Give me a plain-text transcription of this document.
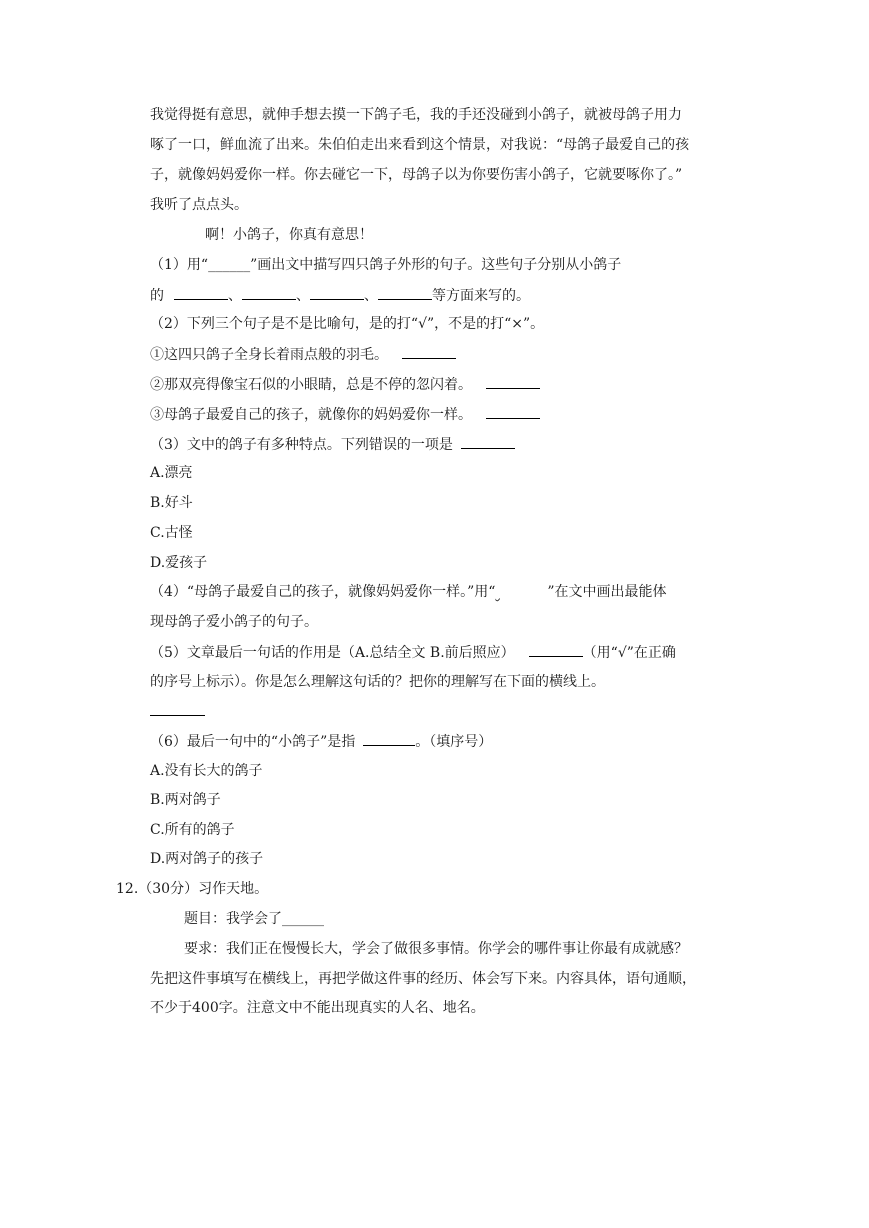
我觉得挺有意思，就伸手想去摸一下鸽子毛，我的手还没碰到小鸽子，就被母鸽子用力
啄了一口，鲜血流了出来。朱伯伯走出来看到这个情景，对我说：“母鸽子最爱自己的孩
子，就像妈妈爱你一样。你去碰它一下，母鸽子以为你要伤害小鸽子，它就要啄你了。”
我听了点点头。
啊！小鸽子，你真有意思！
（1）用“______”画出文中描写四只鸽子外形的句子。这些句子分别从小鸽子
的	、	、	、	等方面来写的。
（2）下列三个句子是不是比喻句，是的打“√”，不是的打“×”。
①这四只鸽子全身长着雨点般的羽毛。
②那双亮得像宝石似的小眼睛，总是不停的忽闪着。
③母鸽子最爱自己的孩子，就像你的妈妈爱你一样。
（3）文中的鸽子有多种特点。下列错误的一项是
A.漂亮
B.好斗
C.古怪
D.爱孩子
（4）“母鸽子最爱自己的孩子，就像妈妈爱你一样。”用“	”在文中画出最能体
现母鸽子爱小鸽子的句子。
（5）文章最后一句话的作用是（A.总结全文 B.前后照应）	（用“√”在正确
的序号上标示）。你是怎么理解这句话的？把你的理解写在下面的横线上。
（6）最后一句中的“小鸽子”是指	。（填序号）
A.没有长大的鸽子
B.两对鸽子
C.所有的鸽子
D.两对鸽子的孩子
12.（30分）习作天地。
题目：我学会了______
要求：我们正在慢慢长大，学会了做很多事情。你学会的哪件事让你最有成就感？
先把这件事填写在横线上，再把学做这件事的经历、体会写下来。内容具体，语句通顺，
不少于400字。注意文中不能出现真实的人名、地名。
